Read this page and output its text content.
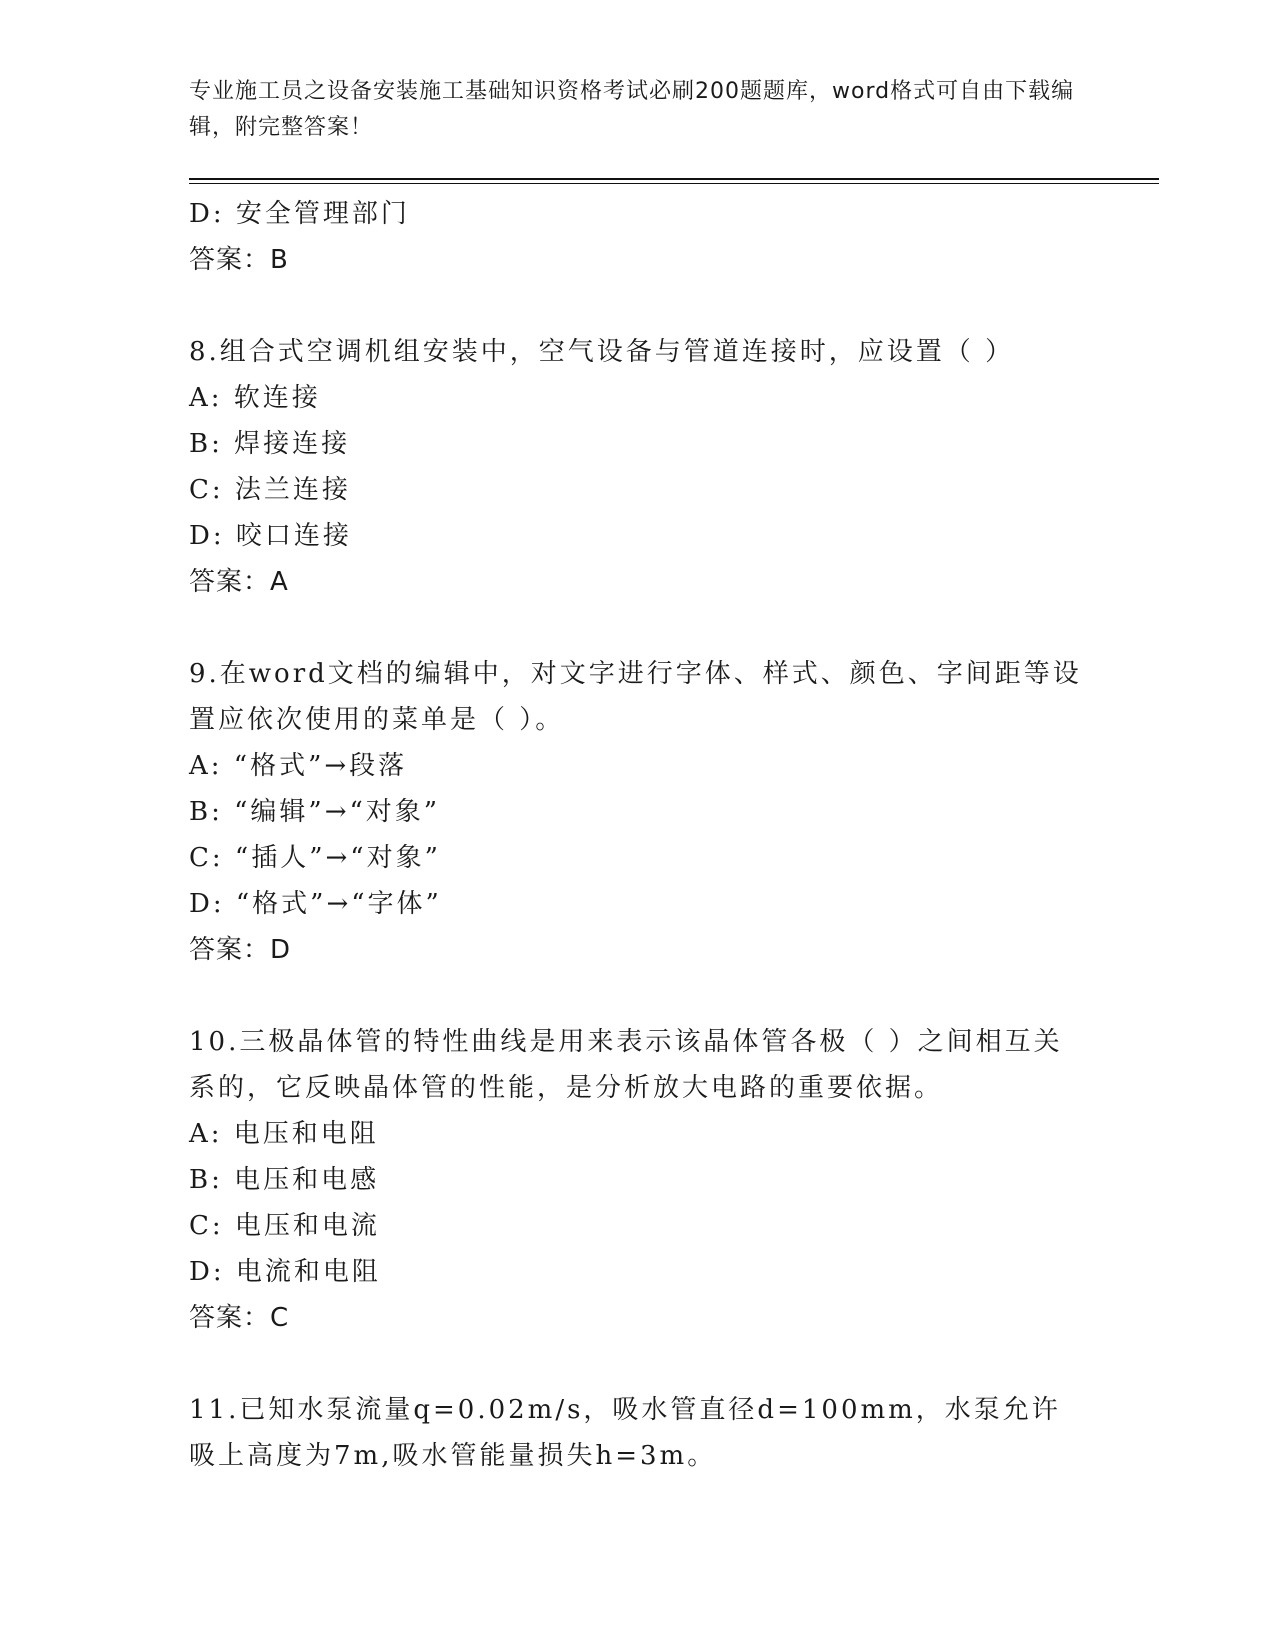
专业施工员之设备安装施工基础知识资格考试必刷200题题库，word格式可自由下载编辑，附完整答案！
D: 安全管理部门
答案：B
8.组合式空调机组安装中，空气设备与管道连接时，应设置（ ）
A: 软连接
B: 焊接连接
C: 法兰连接
D: 咬口连接
答案：A
9.在word文档的编辑中，对文字进行字体、样式、颜色、字间距等设置应依次使用的菜单是（ ）。
A: “格式”→段落
B: “编辑”→“对象”
C: “插人”→“对象”
D: “格式”→“字体”
答案：D
10.三极晶体管的特性曲线是用来表示该晶体管各极（ ）之间相互关系的，它反映晶体管的性能，是分析放大电路的重要依据。
A: 电压和电阻
B: 电压和电感
C: 电压和电流
D: 电流和电阻
答案：C
11.已知水泵流量q=0.02m/s，吸水管直径d=100mm，水泵允许吸上高度为7m,吸水管能量损失h=3m。
